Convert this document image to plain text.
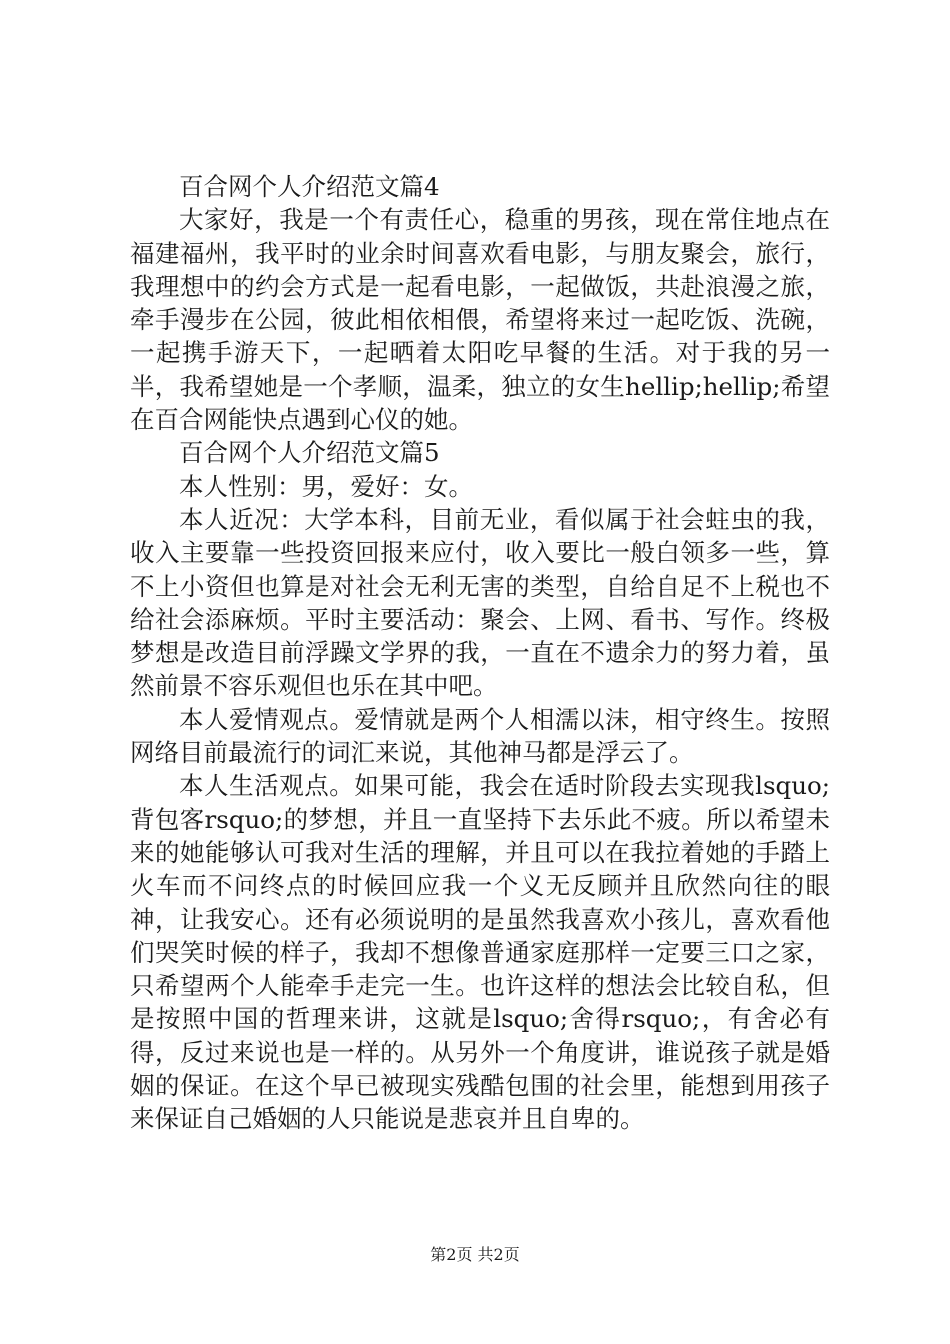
百合网个人介绍范文篇4

大家好，我是一个有责任心，稳重的男孩，现在常住地点在福建福州，我平时的业余时间喜欢看电影，与朋友聚会，旅行，我理想中的约会方式是一起看电影，一起做饭，共赴浪漫之旅，牵手漫步在公园，彼此相依相偎，希望将来过一起吃饭、洗碗，一起携手游天下，一起晒着太阳吃早餐的生活。对于我的另一半，我希望她是一个孝顺，温柔，独立的女生hellip;hellip;希望在百合网能快点遇到心仪的她。

百合网个人介绍范文篇5

本人性别：男，爱好：女。

本人近况：大学本科，目前无业，看似属于社会蛀虫的我，收入主要靠一些投资回报来应付，收入要比一般白领多一些，算不上小资但也算是对社会无利无害的类型，自给自足不上税也不给社会添麻烦。平时主要活动：聚会、上网、看书、写作。终极梦想是改造目前浮躁文学界的我，一直在不遗余力的努力着，虽然前景不容乐观但也乐在其中吧。

本人爱情观点。爱情就是两个人相濡以沫，相守终生。按照网络目前最流行的词汇来说，其他神马都是浮云了。

本人生活观点。如果可能，我会在适时阶段去实现我lsquo;背包客rsquo;的梦想，并且一直坚持下去乐此不疲。所以希望未来的她能够认可我对生活的理解，并且可以在我拉着她的手踏上火车而不问终点的时候回应我一个义无反顾并且欣然向往的眼神，让我安心。还有必须说明的是虽然我喜欢小孩儿，喜欢看他们哭笑时候的样子，我却不想像普通家庭那样一定要三口之家，只希望两个人能牵手走完一生。也许这样的想法会比较自私，但是按照中国的哲理来讲，这就是lsquo;舍得rsquo;，有舍必有得，反过来说也是一样的。从另外一个角度讲，谁说孩子就是婚姻的保证。在这个早已被现实残酷包围的社会里，能想到用孩子来保证自己婚姻的人只能说是悲哀并且自卑的。

第2页 共2页
